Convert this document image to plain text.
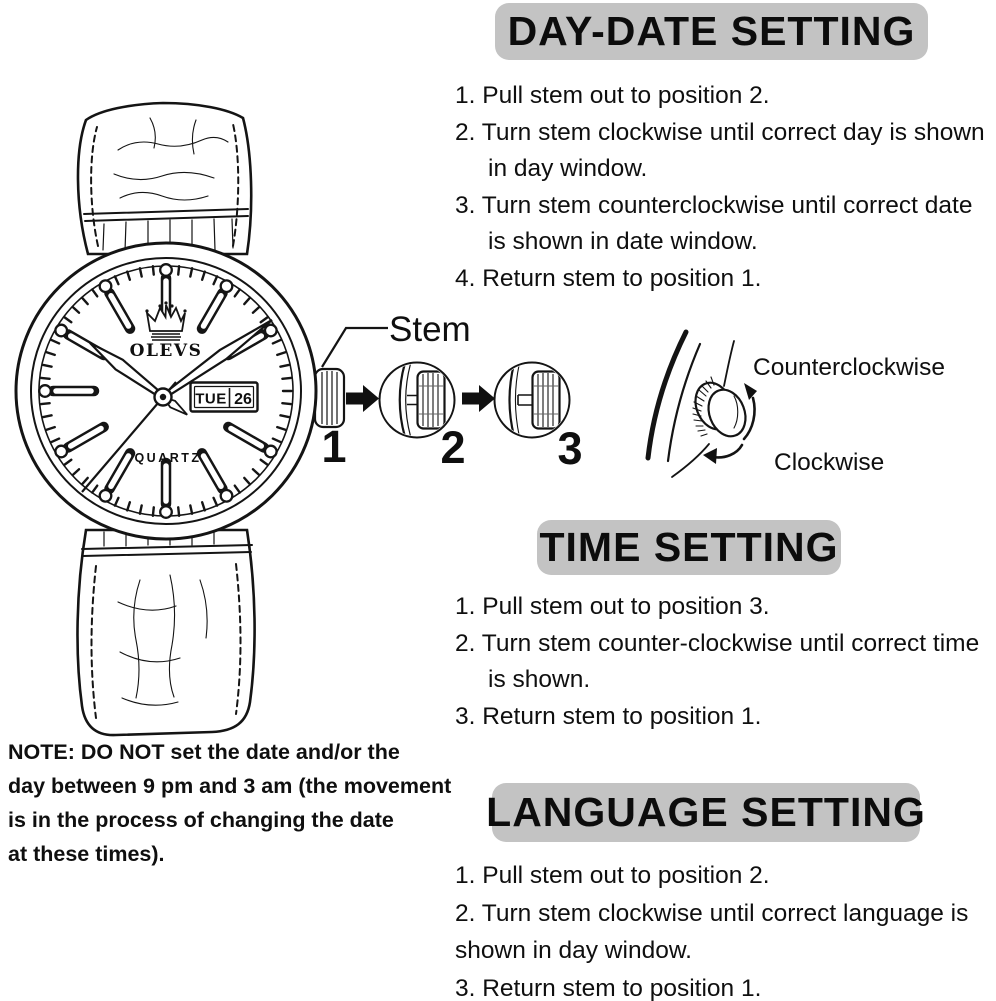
OLEVS
QUARTZ
TUE 26
Stem
1 2 3
Counterclockwise
Clockwise
DAY-DATE SETTING
TIME SETTING
LANGUAGE SETTING
1. Pull stem out to position 2.
2. Turn stem clockwise until correct day is shown
in day window.
3. Turn stem counterclockwise until correct date
is shown in date window.
4. Return stem to position 1.
1. Pull stem out to position 3.
2. Turn stem counter-clockwise until correct time
is shown.
3. Return stem to position 1.
1. Pull stem out to position 2.
2. Turn stem clockwise until correct language is
shown in day window.
3. Return stem to position 1.
NOTE: DO NOT set the date and/or the
day between 9 pm and 3 am (the movement
is in the process of changing the date
at these times).
